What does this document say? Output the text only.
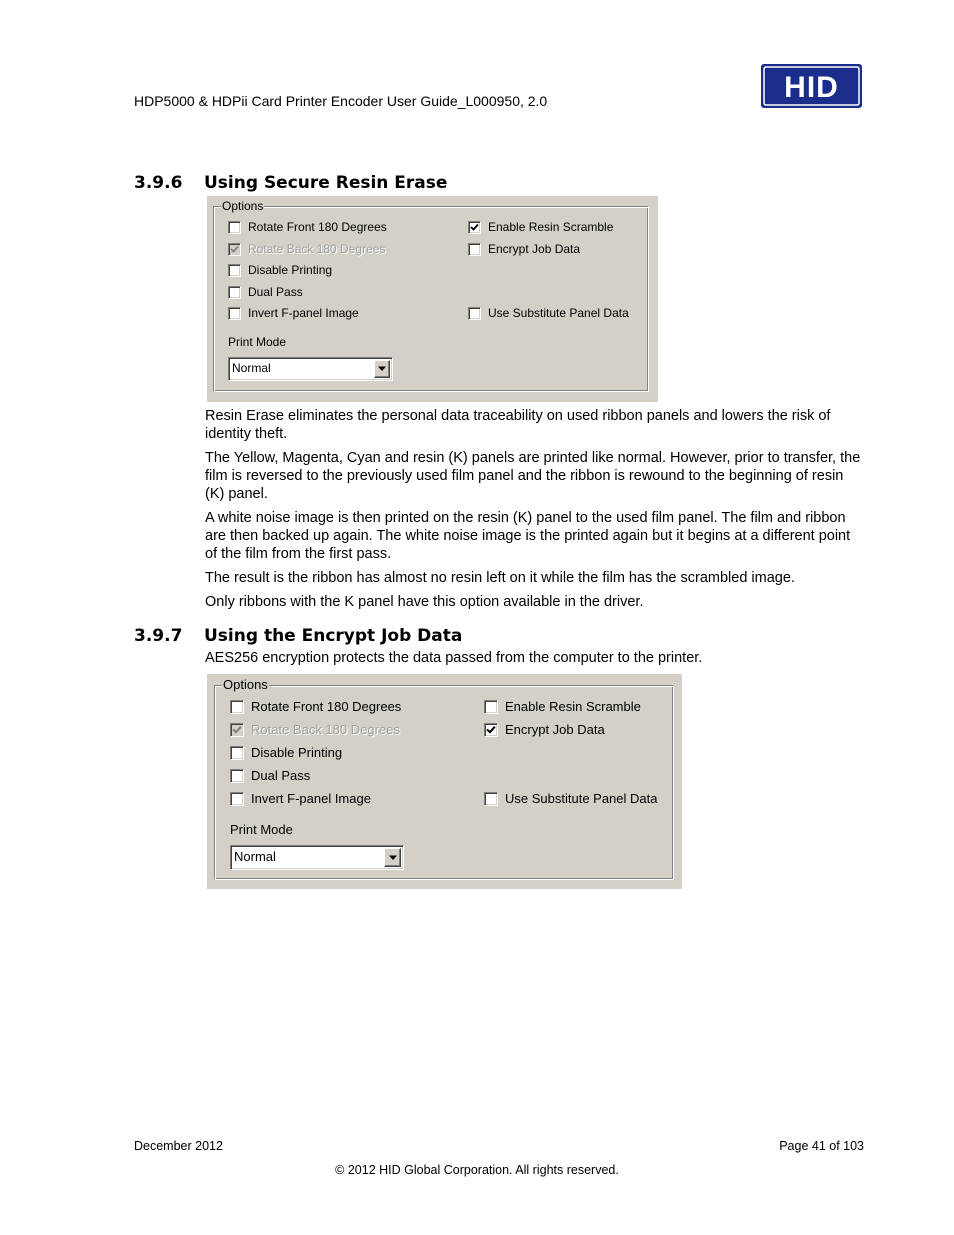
HDP5000 & HDPii Card Printer Encoder User Guide_L000950, 2.0	HID
3.9.6 Using Secure Resin Erase
Options
Rotate Front 180 Degrees
Rotate Back 180 Degrees
Disable Printing
Dual Pass
Invert F-panel Image
Enable Resin Scramble
Encrypt Job Data
Use Substitute Panel Data
Print Mode
Normal

Resin Erase eliminates the personal data traceability on used ribbon panels and lowers the risk of identity theft.

The Yellow, Magenta, Cyan and resin (K) panels are printed like normal. However, prior to transfer, the film is reversed to the previously used film panel and the ribbon is rewound to the beginning of resin (K) panel.

A white noise image is then printed on the resin (K) panel to the used film panel. The film and ribbon are then backed up again. The white noise image is the printed again but it begins at a different point of the film from the first pass.

The result is the ribbon has almost no resin left on it while the film has the scrambled image.

Only ribbons with the K panel have this option available in the driver.

3.9.7 Using the Encrypt Job Data

AES256 encryption protects the data passed from the computer to the printer.

Options
Rotate Front 180 Degrees
Rotate Back 180 Degrees
Disable Printing
Dual Pass
Invert F-panel Image
Enable Resin Scramble
Encrypt Job Data
Use Substitute Panel Data
Print Mode
Normal
December 2012	Page 41 of 103
© 2012 HID Global Corporation. All rights reserved.
